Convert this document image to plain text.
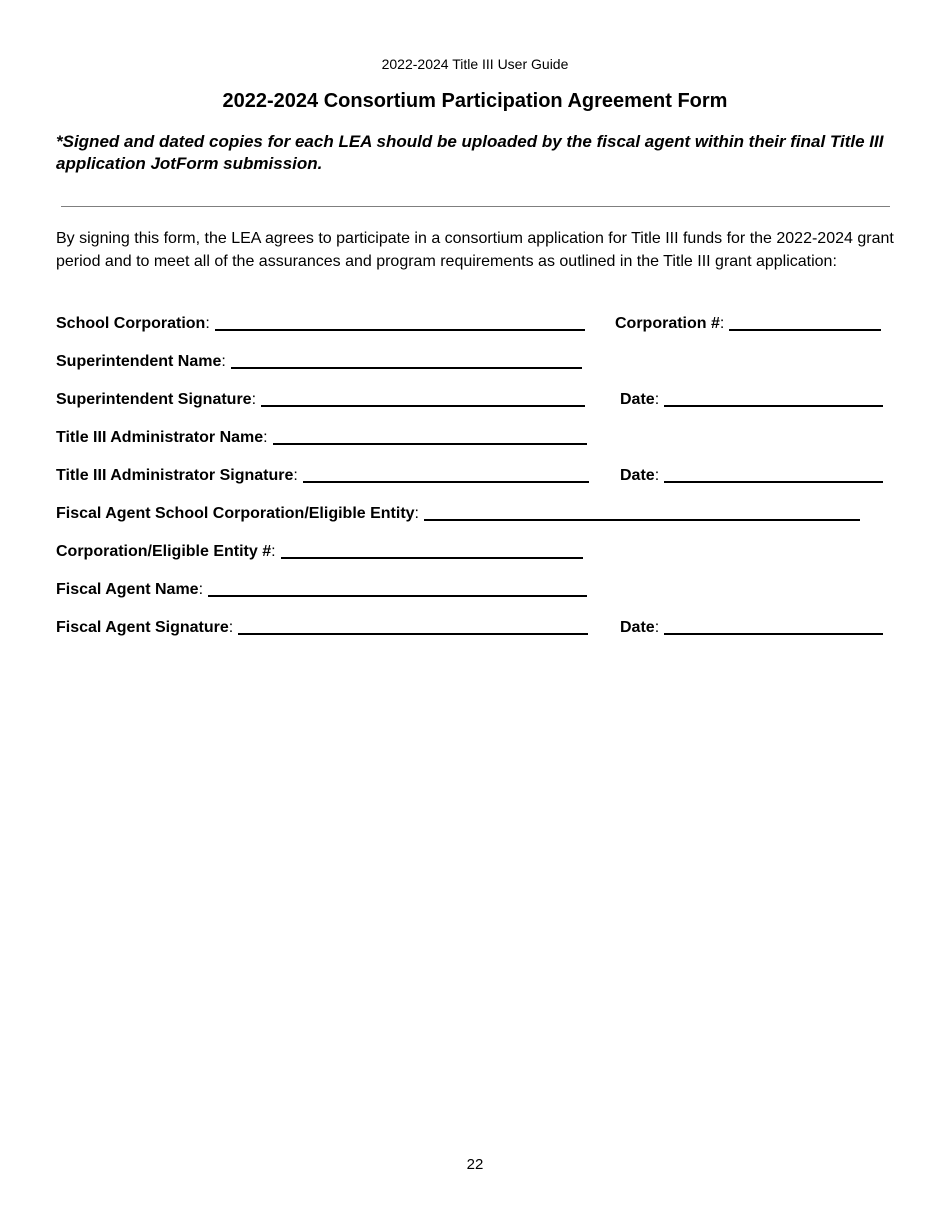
2022-2024 Title III User Guide
2022-2024 Consortium Participation Agreement Form
*Signed and dated copies for each LEA should be uploaded by the fiscal agent within their final Title III application JotForm submission.
By signing this form, the LEA agrees to participate in a consortium application for Title III funds for the 2022-2024 grant period and to meet all of the assurances and program requirements as outlined in the Title III grant application:
School Corporation :	Corporation # :
Superintendent Name :
Superintendent Signature :	Date :
Title III Administrator Name :
Title III Administrator Signature :	Date :
Fiscal Agent School Corporation/Eligible Entity :
Corporation/Eligible Entity # :
Fiscal Agent Name :
Fiscal Agent Signature :	Date :
22
